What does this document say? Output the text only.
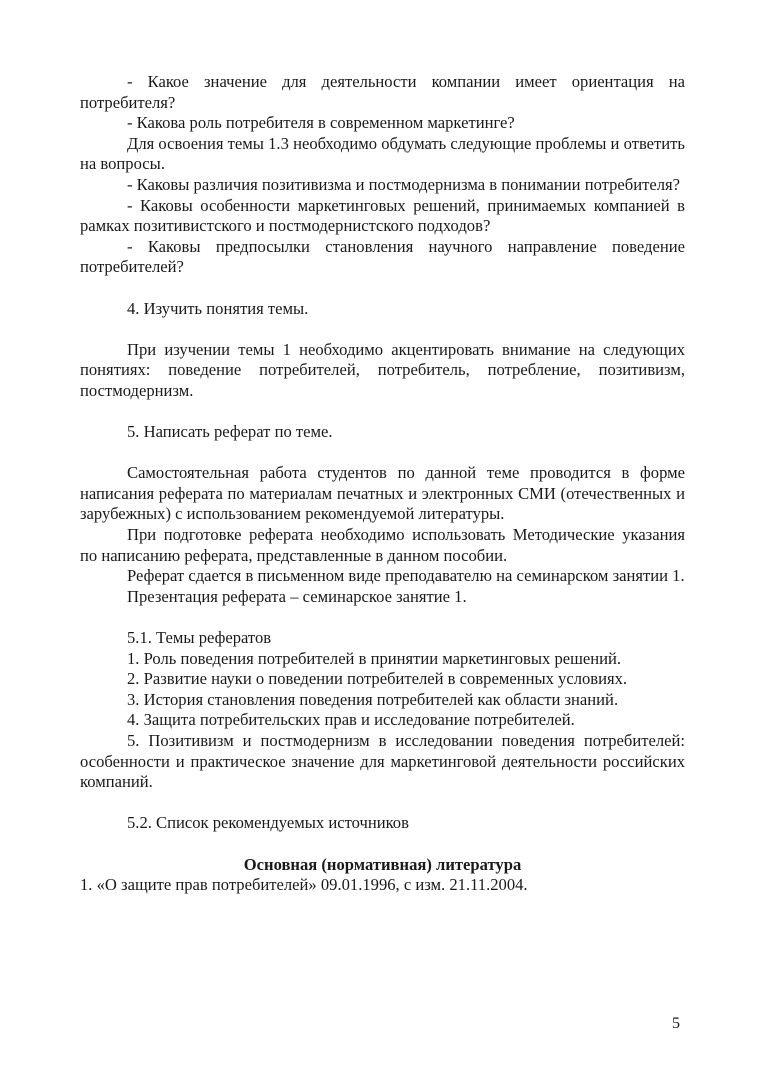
- Какое значение для деятельности компании имеет ориентация на потребителя?

- Какова роль потребителя в современном маркетинге?

Для освоения темы 1.3 необходимо обдумать следующие проблемы и ответить на вопросы.

- Каковы различия позитивизма и постмодернизма в понимании потребителя?

- Каковы особенности маркетинговых решений, принимаемых компанией в рамках позитивистского и постмодернистского подходов?

- Каковы предпосылки становления научного направление поведение потребителей?

4. Изучить понятия темы.

При изучении темы 1 необходимо акцентировать внимание на следующих понятиях: поведение потребителей, потребитель, потребление, позитивизм, постмодернизм.

5. Написать реферат по теме.

Самостоятельная работа студентов по данной теме проводится в форме написания реферата по материалам печатных и электронных СМИ (отечественных и зарубежных) с использованием рекомендуемой литературы.

При подготовке реферата необходимо использовать Методические указания по написанию реферата, представленные в данном пособии.

Реферат сдается в письменном виде преподавателю на семинарском занятии 1.

Презентация реферата – семинарское занятие 1.

5.1. Темы рефератов

1. Роль поведения потребителей в принятии маркетинговых решений.

2. Развитие науки о поведении потребителей в современных условиях.

3. История становления поведения потребителей как области знаний.

4. Защита потребительских прав и исследование потребителей.

5. Позитивизм и постмодернизм в исследовании поведения потребителей: особенности и практическое значение для маркетинговой деятельности российских компаний.

5.2. Список рекомендуемых источников

Основная (нормативная) литература

1. «О защите прав потребителей» 09.01.1996, с изм. 21.11.2004.

5
